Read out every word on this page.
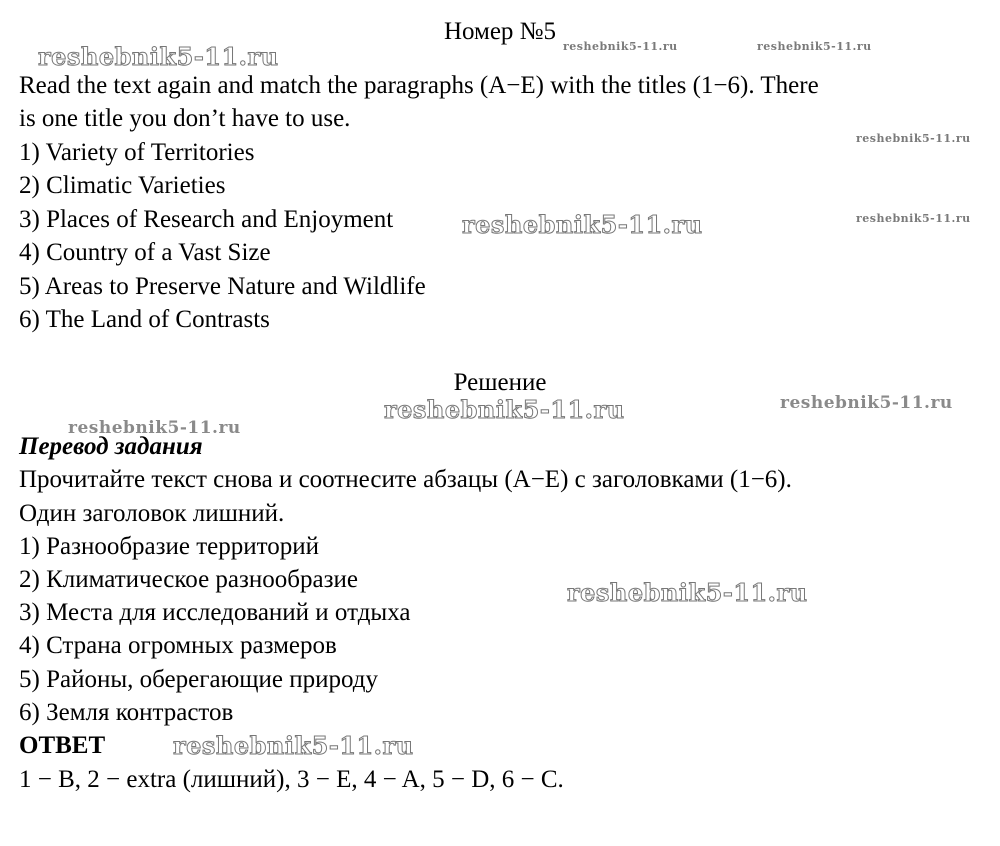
reshebnik5-11.ru	reshebnik5-11.ru	reshebnik5-11.ru
reshebnik5-11.ru
reshebnik5-11.ru	reshebnik5-11.ru
reshebnik5-11.ru	reshebnik5-11.ru
reshebnik5-11.ru
reshebnik5-11.ru
reshebnik5-11.ru
Номер №5
Read the text again and match the paragraphs (A−E) with the titles (1−6). There
is one title you don’t have to use.
1) Variety of Territories
2) Climatic Varieties
3) Places of Research and Enjoyment
4) Country of a Vast Size
5) Areas to Preserve Nature and Wildlife
6) The Land of Contrasts
Решение
Перевод задания
Прочитайте текст снова и соотнесите абзацы (A−E) с заголовками (1−6).
Один заголовок лишний.
1) Разнообразие территорий
2) Климатическое разнообразие
3) Места для исследований и отдыха
4) Страна огромных размеров
5) Районы, оберегающие природу
6) Земля контрастов
ОТВЕТ
1 − B, 2 − extra (лишний), 3 − E, 4 − A, 5 − D, 6 − C.
